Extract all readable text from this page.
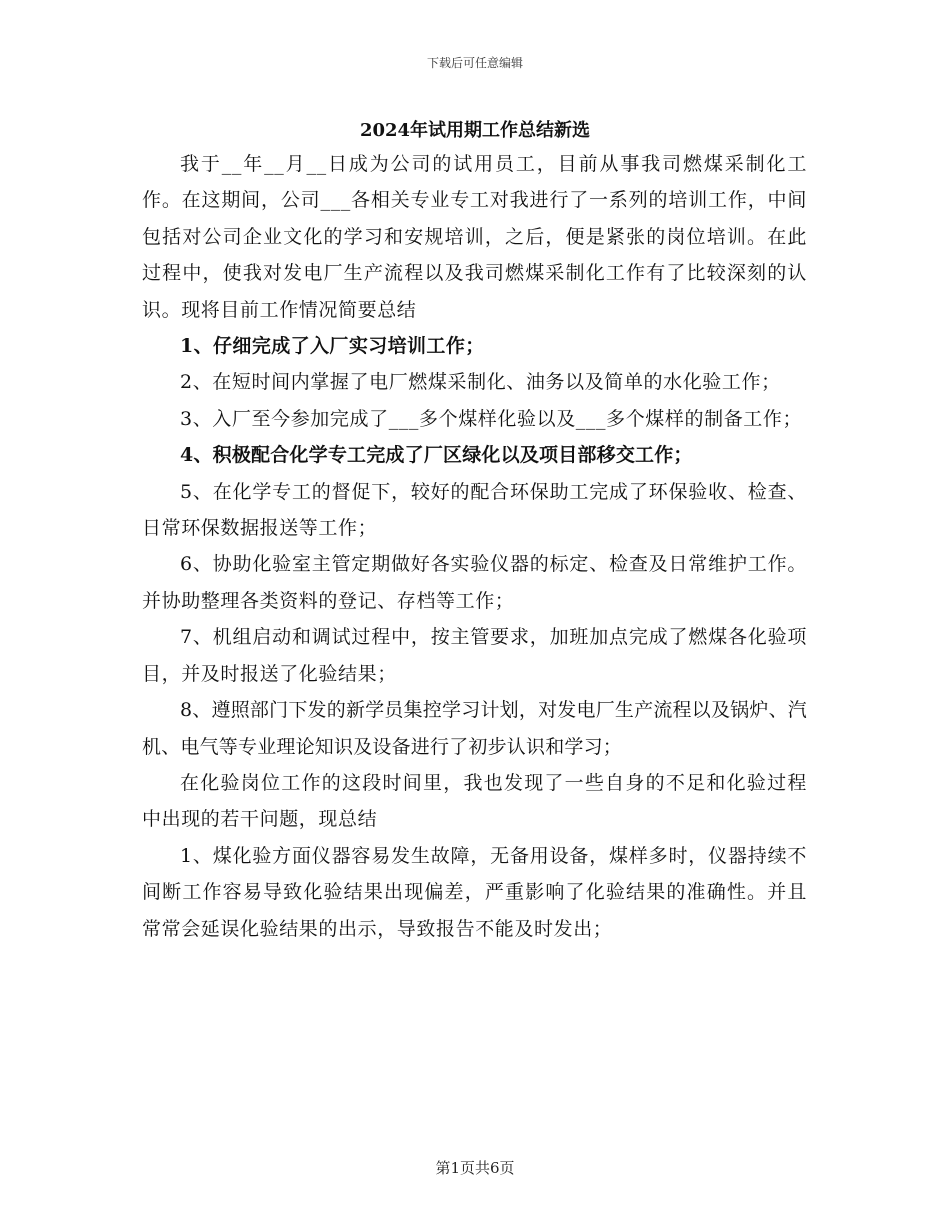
下载后可任意编辑
2024年试用期工作总结新选

我于__年__月__日成为公司的试用员工，目前从事我司燃煤采制化工作。在这期间，公司___各相关专业专工对我进行了一系列的培训工作，中间包括对公司企业文化的学习和安规培训，之后，便是紧张的岗位培训。在此过程中，使我对发电厂生产流程以及我司燃煤采制化工作有了比较深刻的认识。现将目前工作情况简要总结

1、仔细完成了入厂实习培训工作；

2、在短时间内掌握了电厂燃煤采制化、油务以及简单的水化验工作；

3、入厂至今参加完成了___多个煤样化验以及___多个煤样的制备工作；

4、积极配合化学专工完成了厂区绿化以及项目部移交工作；

5、在化学专工的督促下，较好的配合环保助工完成了环保验收、检查、日常环保数据报送等工作；

6、协助化验室主管定期做好各实验仪器的标定、检查及日常维护工作。并协助整理各类资料的登记、存档等工作；

7、机组启动和调试过程中，按主管要求，加班加点完成了燃煤各化验项目，并及时报送了化验结果；

8、遵照部门下发的新学员集控学习计划，对发电厂生产流程以及锅炉、汽机、电气等专业理论知识及设备进行了初步认识和学习；

在化验岗位工作的这段时间里，我也发现了一些自身的不足和化验过程中出现的若干问题，现总结

1、煤化验方面仪器容易发生故障，无备用设备，煤样多时，仪器持续不间断工作容易导致化验结果出现偏差，严重影响了化验结果的准确性。并且常常会延误化验结果的出示，导致报告不能及时发出；

第1页共6页
